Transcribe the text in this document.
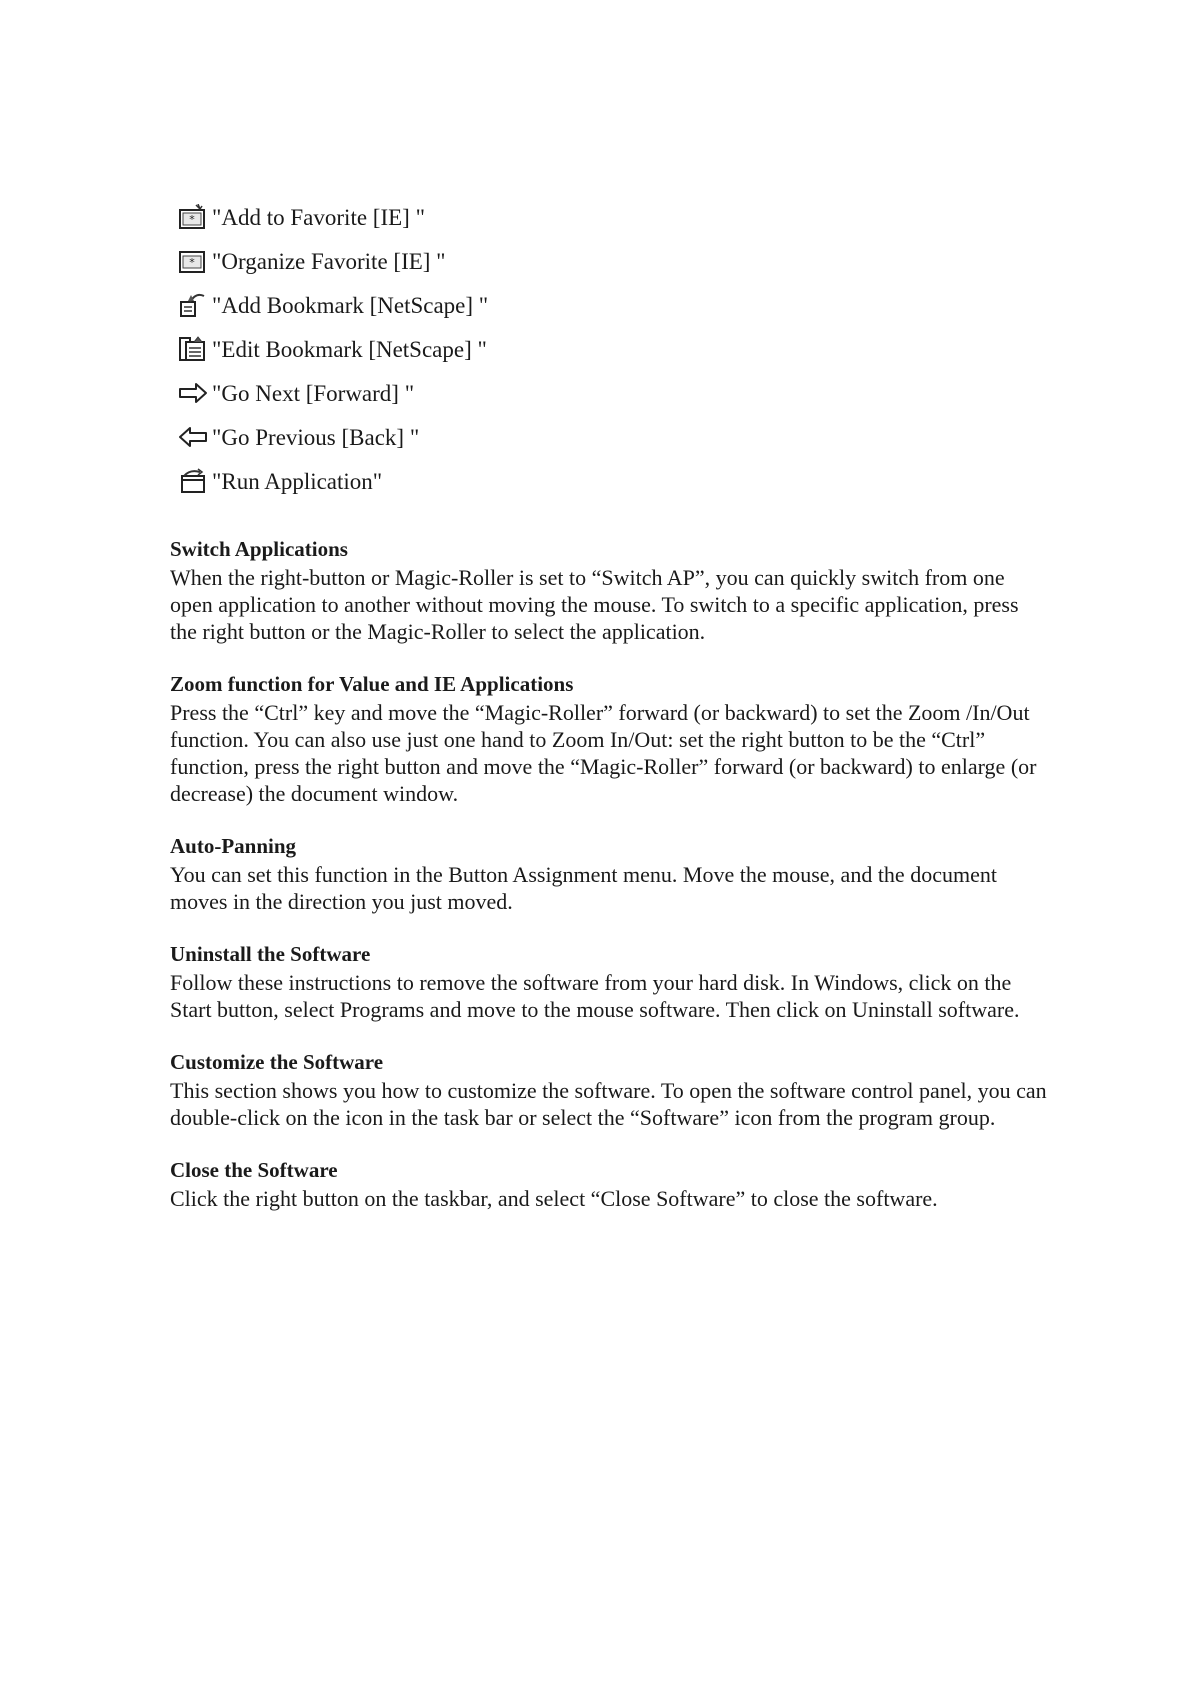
* "Add to Favorite [IE] "
* "Organize Favorite [IE] "
"Add Bookmark [NetScape] "
"Edit Bookmark [NetScape] "
"Go Next [Forward] "
"Go Previous [Back] "
"Run Application"
Switch Applications

When the right-button or Magic-Roller is set to “Switch AP”, you can quickly switch from one open application to another without moving the mouse. To switch to a specific application, press the right button or the Magic-Roller to select the application.

Zoom function for Value and IE Applications

Press the “Ctrl” key and move the “Magic-Roller” forward (or backward) to set the Zoom /In/Out function. You can also use just one hand to Zoom In/Out: set the right button to be the “Ctrl” function, press the right button and move the “Magic-Roller” forward (or backward) to enlarge (or decrease) the document window.

Auto-Panning

You can set this function in the Button Assignment menu. Move the mouse, and the document moves in the direction you just moved.

Uninstall the Software

Follow these instructions to remove the software from your hard disk. In Windows, click on the Start button, select Programs and move to the mouse software. Then click on Uninstall software.

Customize the Software

This section shows you how to customize the software. To open the software control panel, you can double-click on the icon in the task bar or select the “Software” icon from the program group.

Close the Software

Click the right button on the taskbar, and select “Close Software” to close the software.
